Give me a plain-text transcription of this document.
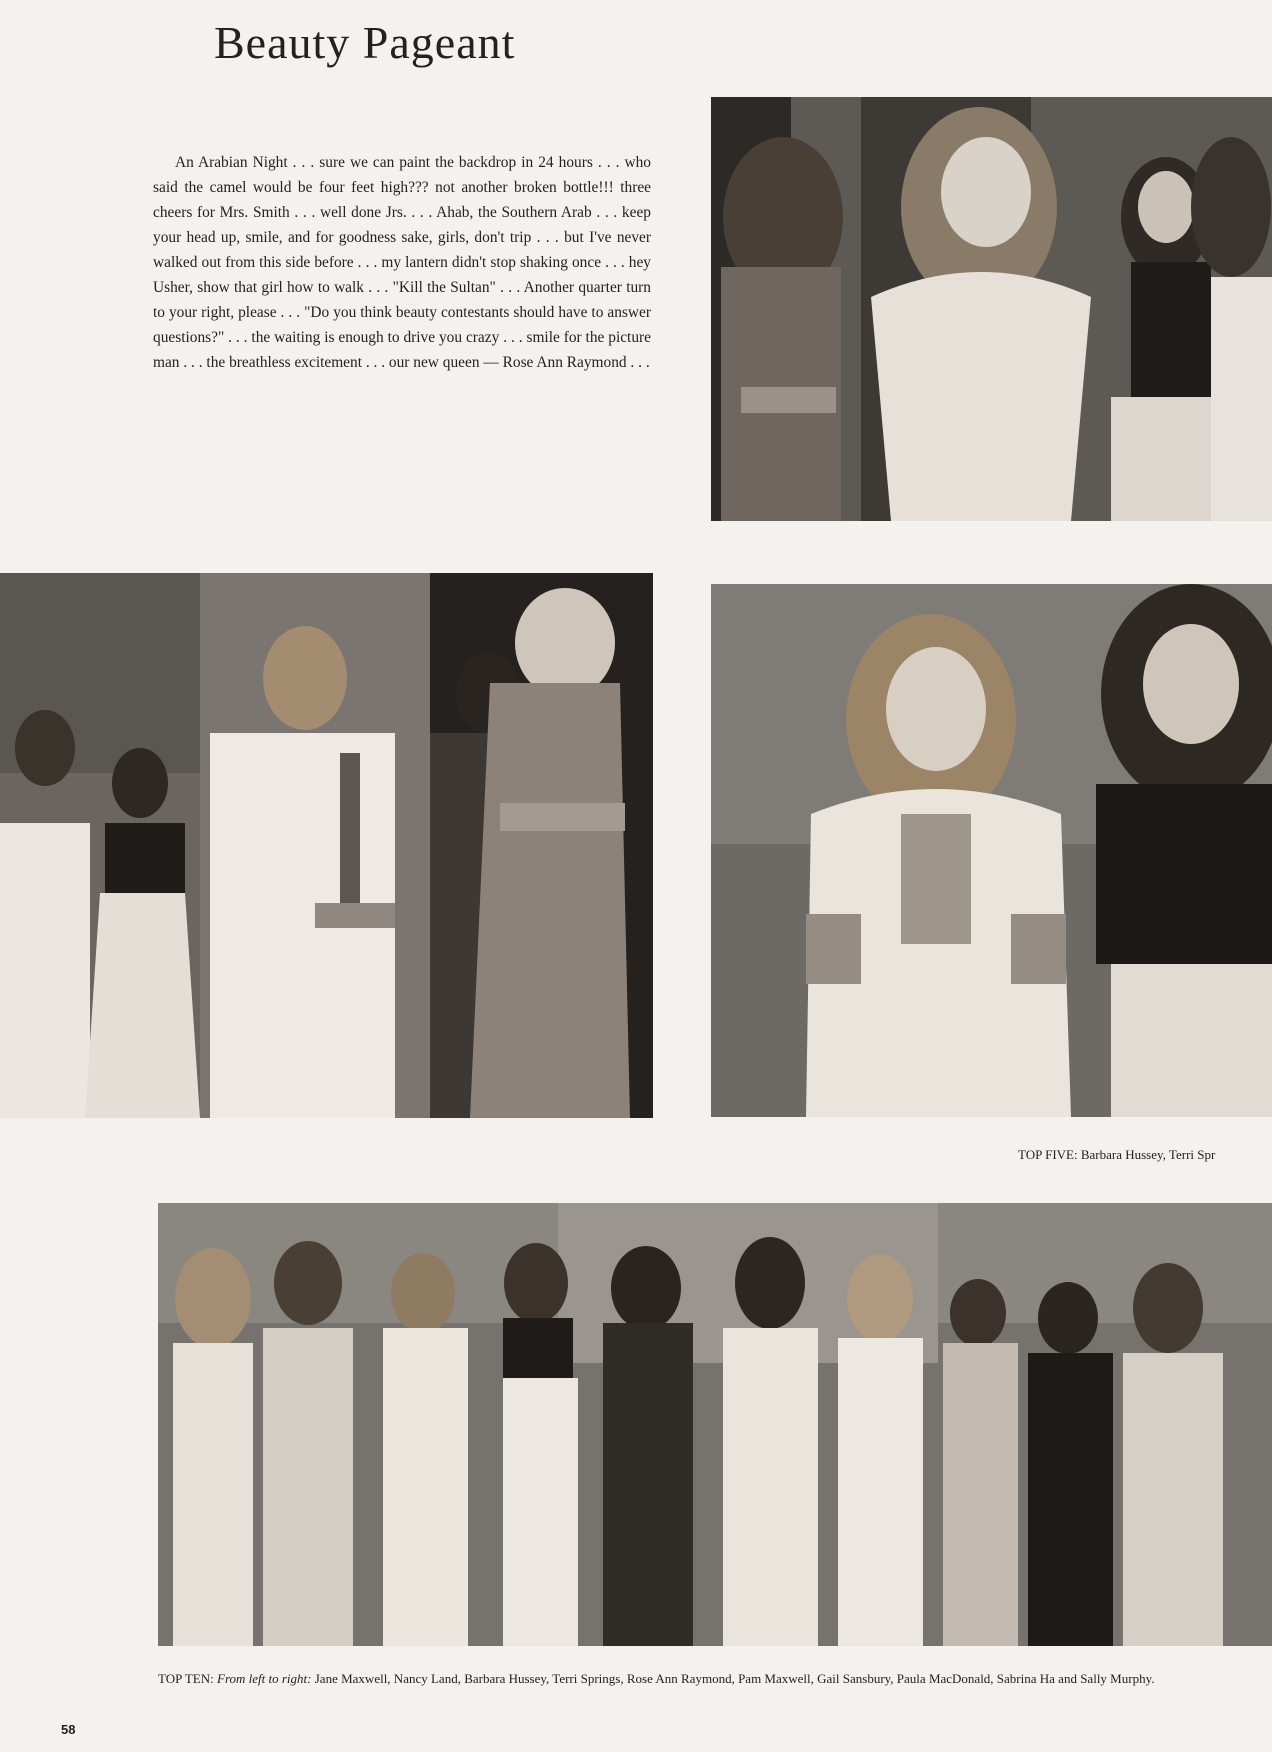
Beauty Pageant

An Arabian Night . . . sure we can paint the backdrop in 24 hours . . . who said the camel would be four feet high??? not another broken bottle!!! three cheers for Mrs. Smith . . . well done Jrs. . . . Ahab, the Southern Arab . . . keep your head up, smile, and for goodness sake, girls, don't trip . . . but I've never walked out from this side before . . . my lantern didn't stop shaking once . . . hey Usher, show that girl how to walk . . . "Kill the Sultan" . . . Another quarter turn to your right, please . . . "Do you think beauty contestants should have to answer questions?" . . . the waiting is enough to drive you crazy . . . smile for the picture man . . . the breathless excitement . . . our new queen — Rose Ann Raymond . . .

TOP FIVE: Barbara Hussey, Terri Spr

TOP TEN: From left to right: Jane Maxwell, Nancy Land, Barbara Hussey, Terri Springs, Rose Ann Raymond, Pam Maxwell, Gail Sansbury, Paula MacDonald, Sabrina Ha and Sally Murphy.

58
